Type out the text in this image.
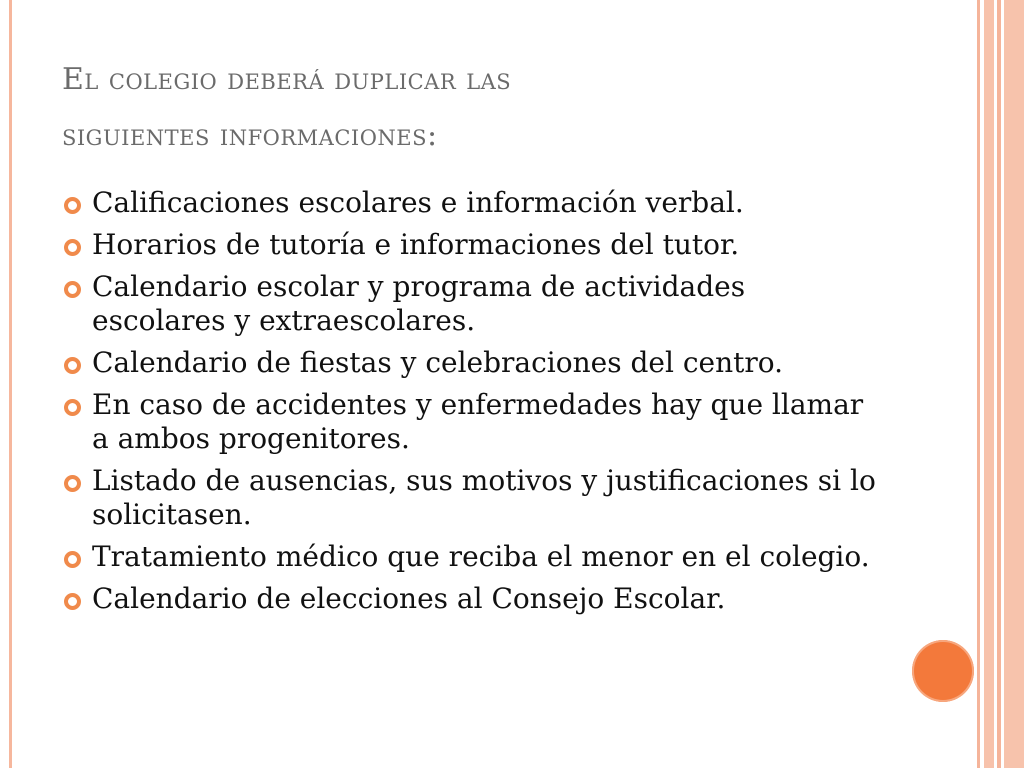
El colegio deberá duplicar las
siguientes informaciones:
Calificaciones escolares e información verbal.
Horarios de tutoría e informaciones del tutor.
Calendario escolar y programa de actividades escolares y extraescolares.
Calendario de fiestas y celebraciones del centro.
En caso de accidentes y enfermedades hay que llamar a ambos progenitores.
Listado de ausencias, sus motivos y justificaciones si lo solicitasen.
Tratamiento médico que reciba el menor en el colegio.
Calendario de elecciones al Consejo Escolar.
